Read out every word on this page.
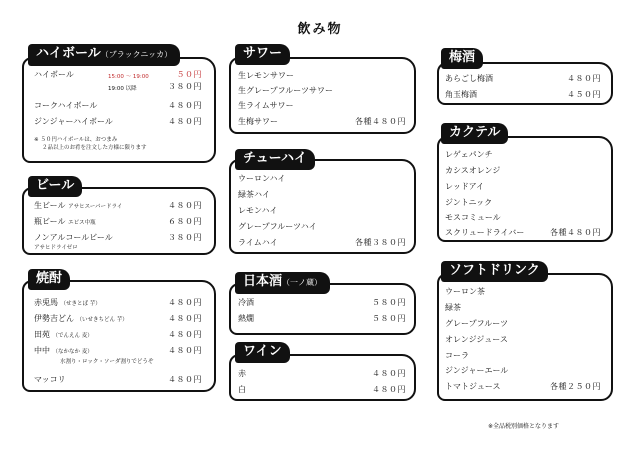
飲み物
ハイボール（ブラックニッカ）
ハイボール	15:00 〜 19:00	５０円
19:00 以降	３８０円
コークハイボール	４８０円
ジンジャーハイボール	４８０円
※ ５０円ハイボールは、おつまみ
２品以上のお肴を注文した方様に限ります
ビール
生ビール アサヒスーパードライ	４８０円
瓶ビール エビス中瓶	６８０円
ノンアルコールビール	３８０円
アサヒドライゼロ
焼酎
赤兎馬 （せきとば 芋）	４８０円
伊勢吉どん （いせきちどん 芋）	４８０円
田苑 （でんえん 麦）	４８０円
中中 （なかなか 麦）	４８０円
水割り・ロック・ソーダ割りでどうぞ
マッコリ	４８０円
サワー
生レモンサワー
生グレープフルーツサワー
生ライムサワー
生梅サワー	各種４８０円
チューハイ
ウーロンハイ
緑茶ハイ
レモンハイ
グレープフルーツハイ
ライムハイ	各種３８０円
日本酒（一ノ蔵）
冷酒	５８０円
熱燗	５８０円
ワイン
赤	４８０円
白	４８０円
梅酒
あらごし梅酒	４８０円
角玉梅酒	４５０円
カクテル
レゲェパンチ
カシスオレンジ
レッドアイ
ジントニック
モスコミュール
スクリュードライバー	各種４８０円
ソフトドリンク
ウーロン茶
緑茶
グレープフルーツ
オレンジジュース
コーラ
ジンジャーエール
トマトジュース	各種２５０円
※全品税別価格となります
